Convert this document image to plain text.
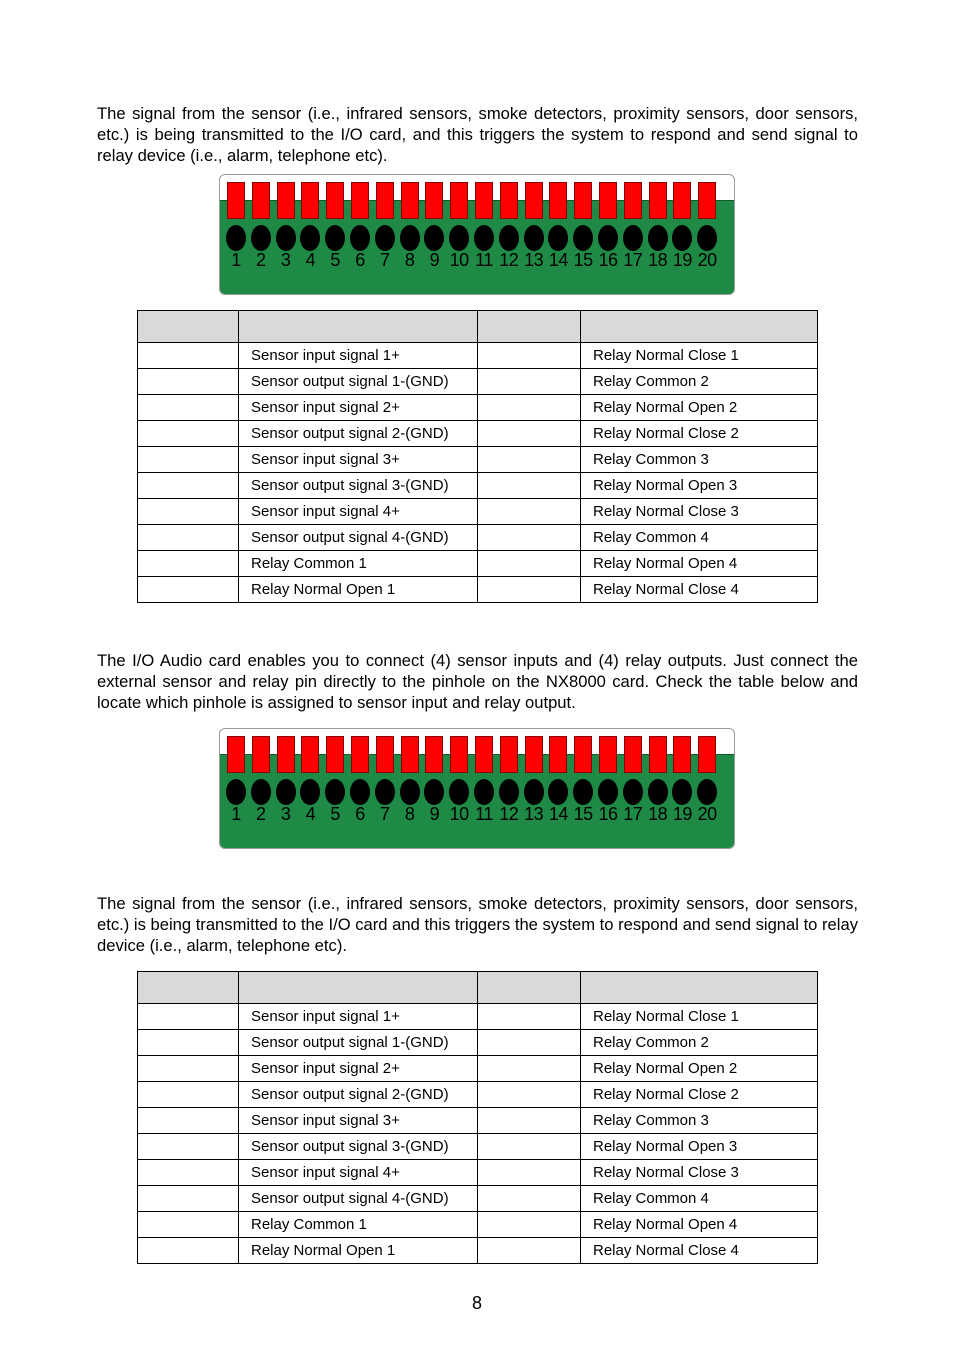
The signal from the sensor (i.e., infrared sensors, smoke detectors, proximity sensors, door sensors, etc.) is being transmitted to the I/O card, and this triggers the system to respond and send signal to relay device (i.e., alarm, telephone etc).

1 2 3 4 5 6 7 8 9 10 11 12 13 14 15 16 17 18 19 20

	Sensor input signal 1+		Relay Normal Close 1
	Sensor output signal 1-(GND)		Relay Common 2
	Sensor input signal 2+		Relay Normal Open 2
	Sensor output signal 2-(GND)		Relay Normal Close 2
	Sensor input signal 3+		Relay Common 3
	Sensor output signal 3-(GND)		Relay Normal Open 3
	Sensor input signal 4+		Relay Normal Close 3
	Sensor output signal 4-(GND)		Relay Common 4
	Relay Common 1		Relay Normal Open 4
	Relay Normal Open 1		Relay Normal Close 4

The I/O Audio card enables you to connect (4) sensor inputs and (4) relay outputs. Just connect the external sensor and relay pin directly to the pinhole on the NX8000 card. Check the table below and locate which pinhole is assigned to sensor input and relay output.

1 2 3 4 5 6 7 8 9 10 11 12 13 14 15 16 17 18 19 20

The signal from the sensor (i.e., infrared sensors, smoke detectors, proximity sensors, door sensors, etc.) is being transmitted to the I/O card and this triggers the system to respond and send signal to relay device (i.e., alarm, telephone etc).

	Sensor input signal 1+		Relay Normal Close 1
	Sensor output signal 1-(GND)		Relay Common 2
	Sensor input signal 2+		Relay Normal Open 2
	Sensor output signal 2-(GND)		Relay Normal Close 2
	Sensor input signal 3+		Relay Common 3
	Sensor output signal 3-(GND)		Relay Normal Open 3
	Sensor input signal 4+		Relay Normal Close 3
	Sensor output signal 4-(GND)		Relay Common 4
	Relay Common 1		Relay Normal Open 4
	Relay Normal Open 1		Relay Normal Close 4
8
